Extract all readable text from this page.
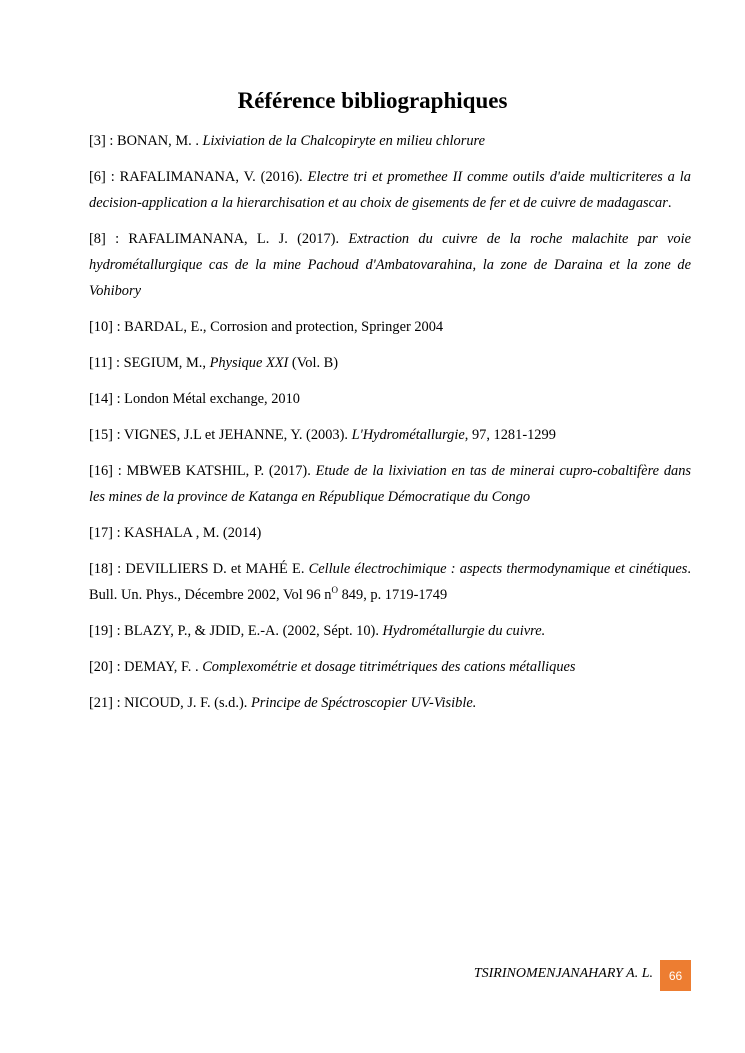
Référence bibliographiques

[3] : BONAN, M. . Lixiviation de la Chalcopiryte en milieu chlorure

[6] : RAFALIMANANA, V. (2016). Electre tri et promethee II comme outils d'aide multicriteres a la decision-application a la hierarchisation et au choix de gisements de fer et de cuivre de madagascar.

[8] : RAFALIMANANA, L. J. (2017). Extraction du cuivre de la roche malachite par voie hydrométallurgique cas de la mine Pachoud d'Ambatovarahina, la zone de Daraina et la zone de Vohibory

[10] : BARDAL, E., Corrosion and protection, Springer 2004

[11] : SEGIUM, M., Physique XXI (Vol. B)

[14] : London Métal exchange, 2010

[15] : VIGNES, J.L et JEHANNE, Y. (2003). L'Hydrométallurgie, 97, 1281-1299

[16] : MBWEB KATSHIL, P. (2017). Etude de la lixiviation en tas de minerai cupro-cobaltifère dans les mines de la province de Katanga en République Démocratique du Congo

[17] : KASHALA , M. (2014)

[18] : DEVILLIERS D. et MAHÉ E. Cellule électrochimique : aspects thermodynamique et cinétiques. Bull. Un. Phys., Décembre 2002, Vol 96 $n^O$ 849, p. 1719-1749

[19] : BLAZY, P., & JDID, E.-A. (2002, Sépt. 10). Hydrométallurgie du cuivre.

[20] : DEMAY, F. . Complexométrie et dosage titrimétriques des cations métalliques

[21] : NICOUD, J. F. (s.d.). Principe de Spéctroscopier UV-Visible.

TSIRINOMENJANAHARY A. L.	66
